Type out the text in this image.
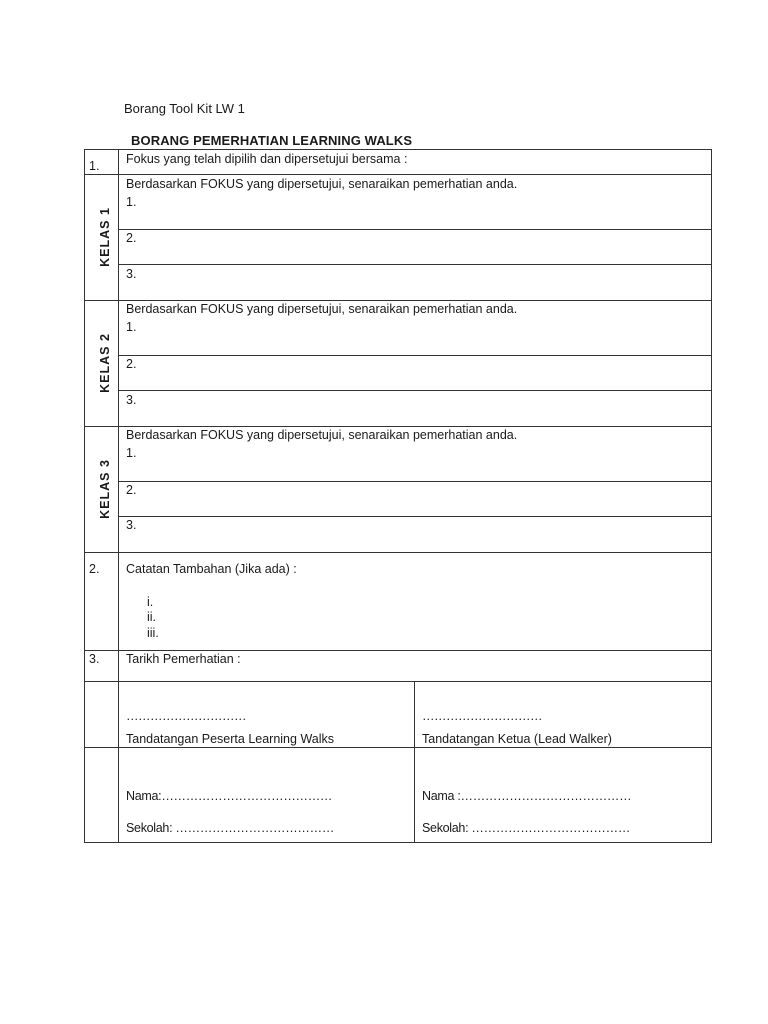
Borang Tool Kit LW 1
BORANG PEMERHATIAN LEARNING WALKS
1. Fokus yang telah dipilih dan dipersetujui bersama :
KELAS 1
Berdasarkan FOKUS yang dipersetujui, senaraikan pemerhatian anda.
1.
2.
3.
KELAS 2
Berdasarkan FOKUS yang dipersetujui, senaraikan pemerhatian anda.
1.
2.
3.
KELAS 3
Berdasarkan FOKUS yang dipersetujui, senaraikan pemerhatian anda.
1.
2.
3.
2. Catatan Tambahan (Jika ada) :
i.
ii.
iii.
3. Tarikh Pemerhatian :
…………………………
Tandatangan Peserta Learning Walks
…………………………
Tandatangan Ketua (Lead Walker)
Nama:……………………………………
Sekolah: …………………………………
Nama :……………………………………
Sekolah: …………………………………
